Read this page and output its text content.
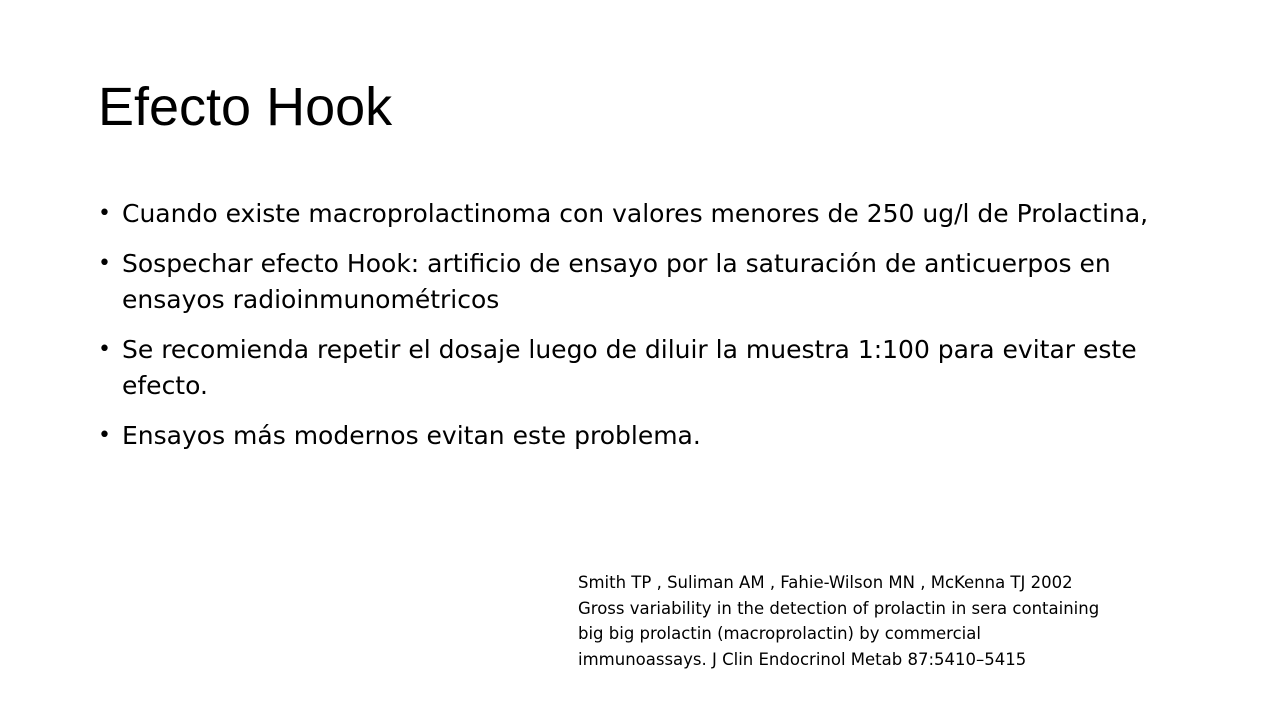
Efecto Hook
• Cuando existe macroprolactinoma con valores menores de 250 ug/l de Prolactina,
• Sospechar efecto Hook: artificio de ensayo por la saturación de anticuerpos en ensayos radioinmunométricos
• Se recomienda repetir el dosaje luego de diluir la muestra 1:100 para evitar este efecto.
• Ensayos más modernos evitan este problema.

Smith TP , Suliman AM , Fahie-Wilson MN , McKenna TJ 2002
Gross variability in the detection of prolactin in sera containing
big big prolactin (macroprolactin) by commercial
immunoassays. J Clin Endocrinol Metab 87:5410–5415
